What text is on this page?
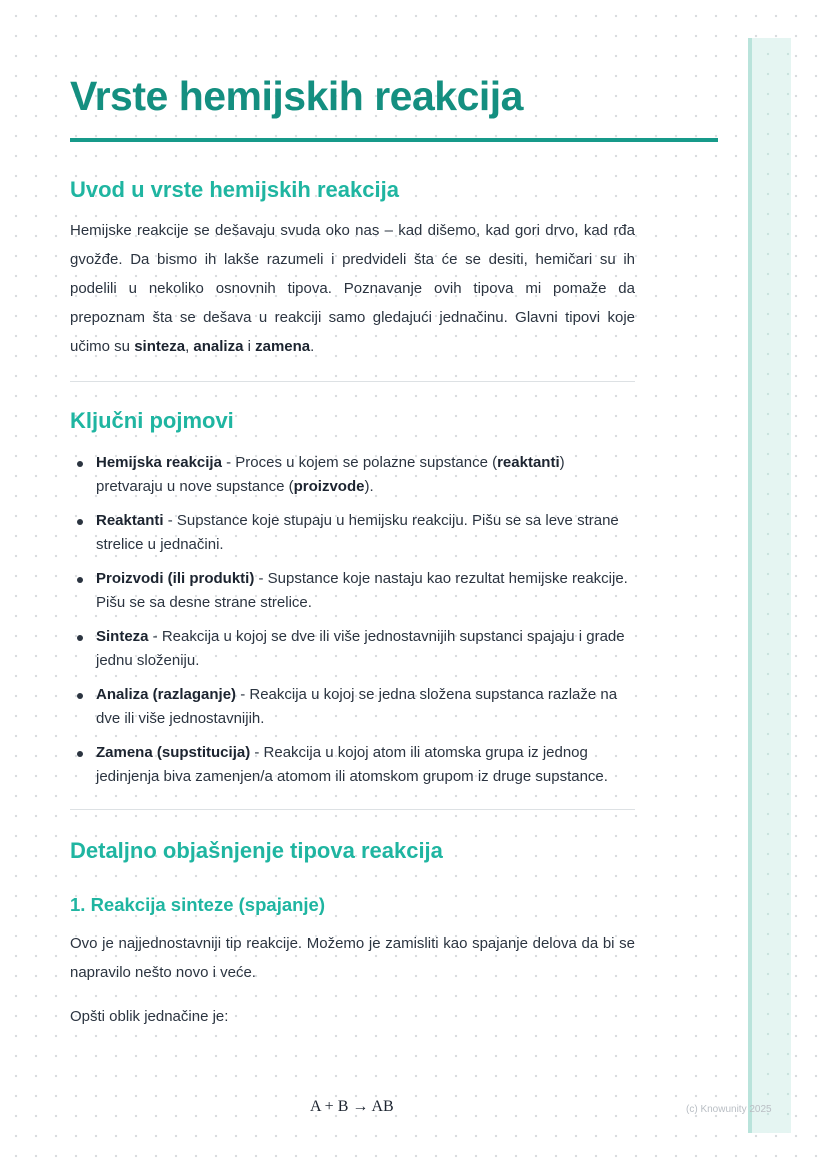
Vrste hemijskih reakcija
Uvod u vrste hemijskih reakcija

Hemijske reakcije se dešavaju svuda oko nas – kad dišemo, kad gori drvo, kad rđa gvožđe. Da bismo ih lakše razumeli i predvideli šta će se desiti, hemičari su ih podelili u nekoliko osnovnih tipova. Poznavanje ovih tipova mi pomaže da prepoznam šta se dešava u reakciji samo gledajući jednačinu. Glavni tipovi koje učimo su sinteza, analiza i zamena.

Ključni pojmovi
Hemijska reakcija - Proces u kojem se polazne supstance (reaktanti) pretvaraju u nove supstance (proizvode).
Reaktanti - Supstance koje stupaju u hemijsku reakciju. Pišu se sa leve strane strelice u jednačini.
Proizvodi (ili produkti) - Supstance koje nastaju kao rezultat hemijske reakcije. Pišu se sa desne strane strelice.
Sinteza - Reakcija u kojoj se dve ili više jednostavnijih supstanci spajaju i grade jednu složeniju.
Analiza (razlaganje) - Reakcija u kojoj se jedna složena supstanca razlaže na dve ili više jednostavnijih.
Zamena (supstitucija) - Reakcija u kojoj atom ili atomska grupa iz jednog jedinjenja biva zamenjen/a atomom ili atomskom grupom iz druge supstance.
Detaljno objašnjenje tipova reakcija
1. Reakcija sinteze (spajanje)

Ovo je najjednostavniji tip reakcije. Možemo je zamisliti kao spajanje delova da bi se napravilo nešto novo i veće.

Opšti oblik jednačine je:

A + B → AB	(c) Knowunity 2025
